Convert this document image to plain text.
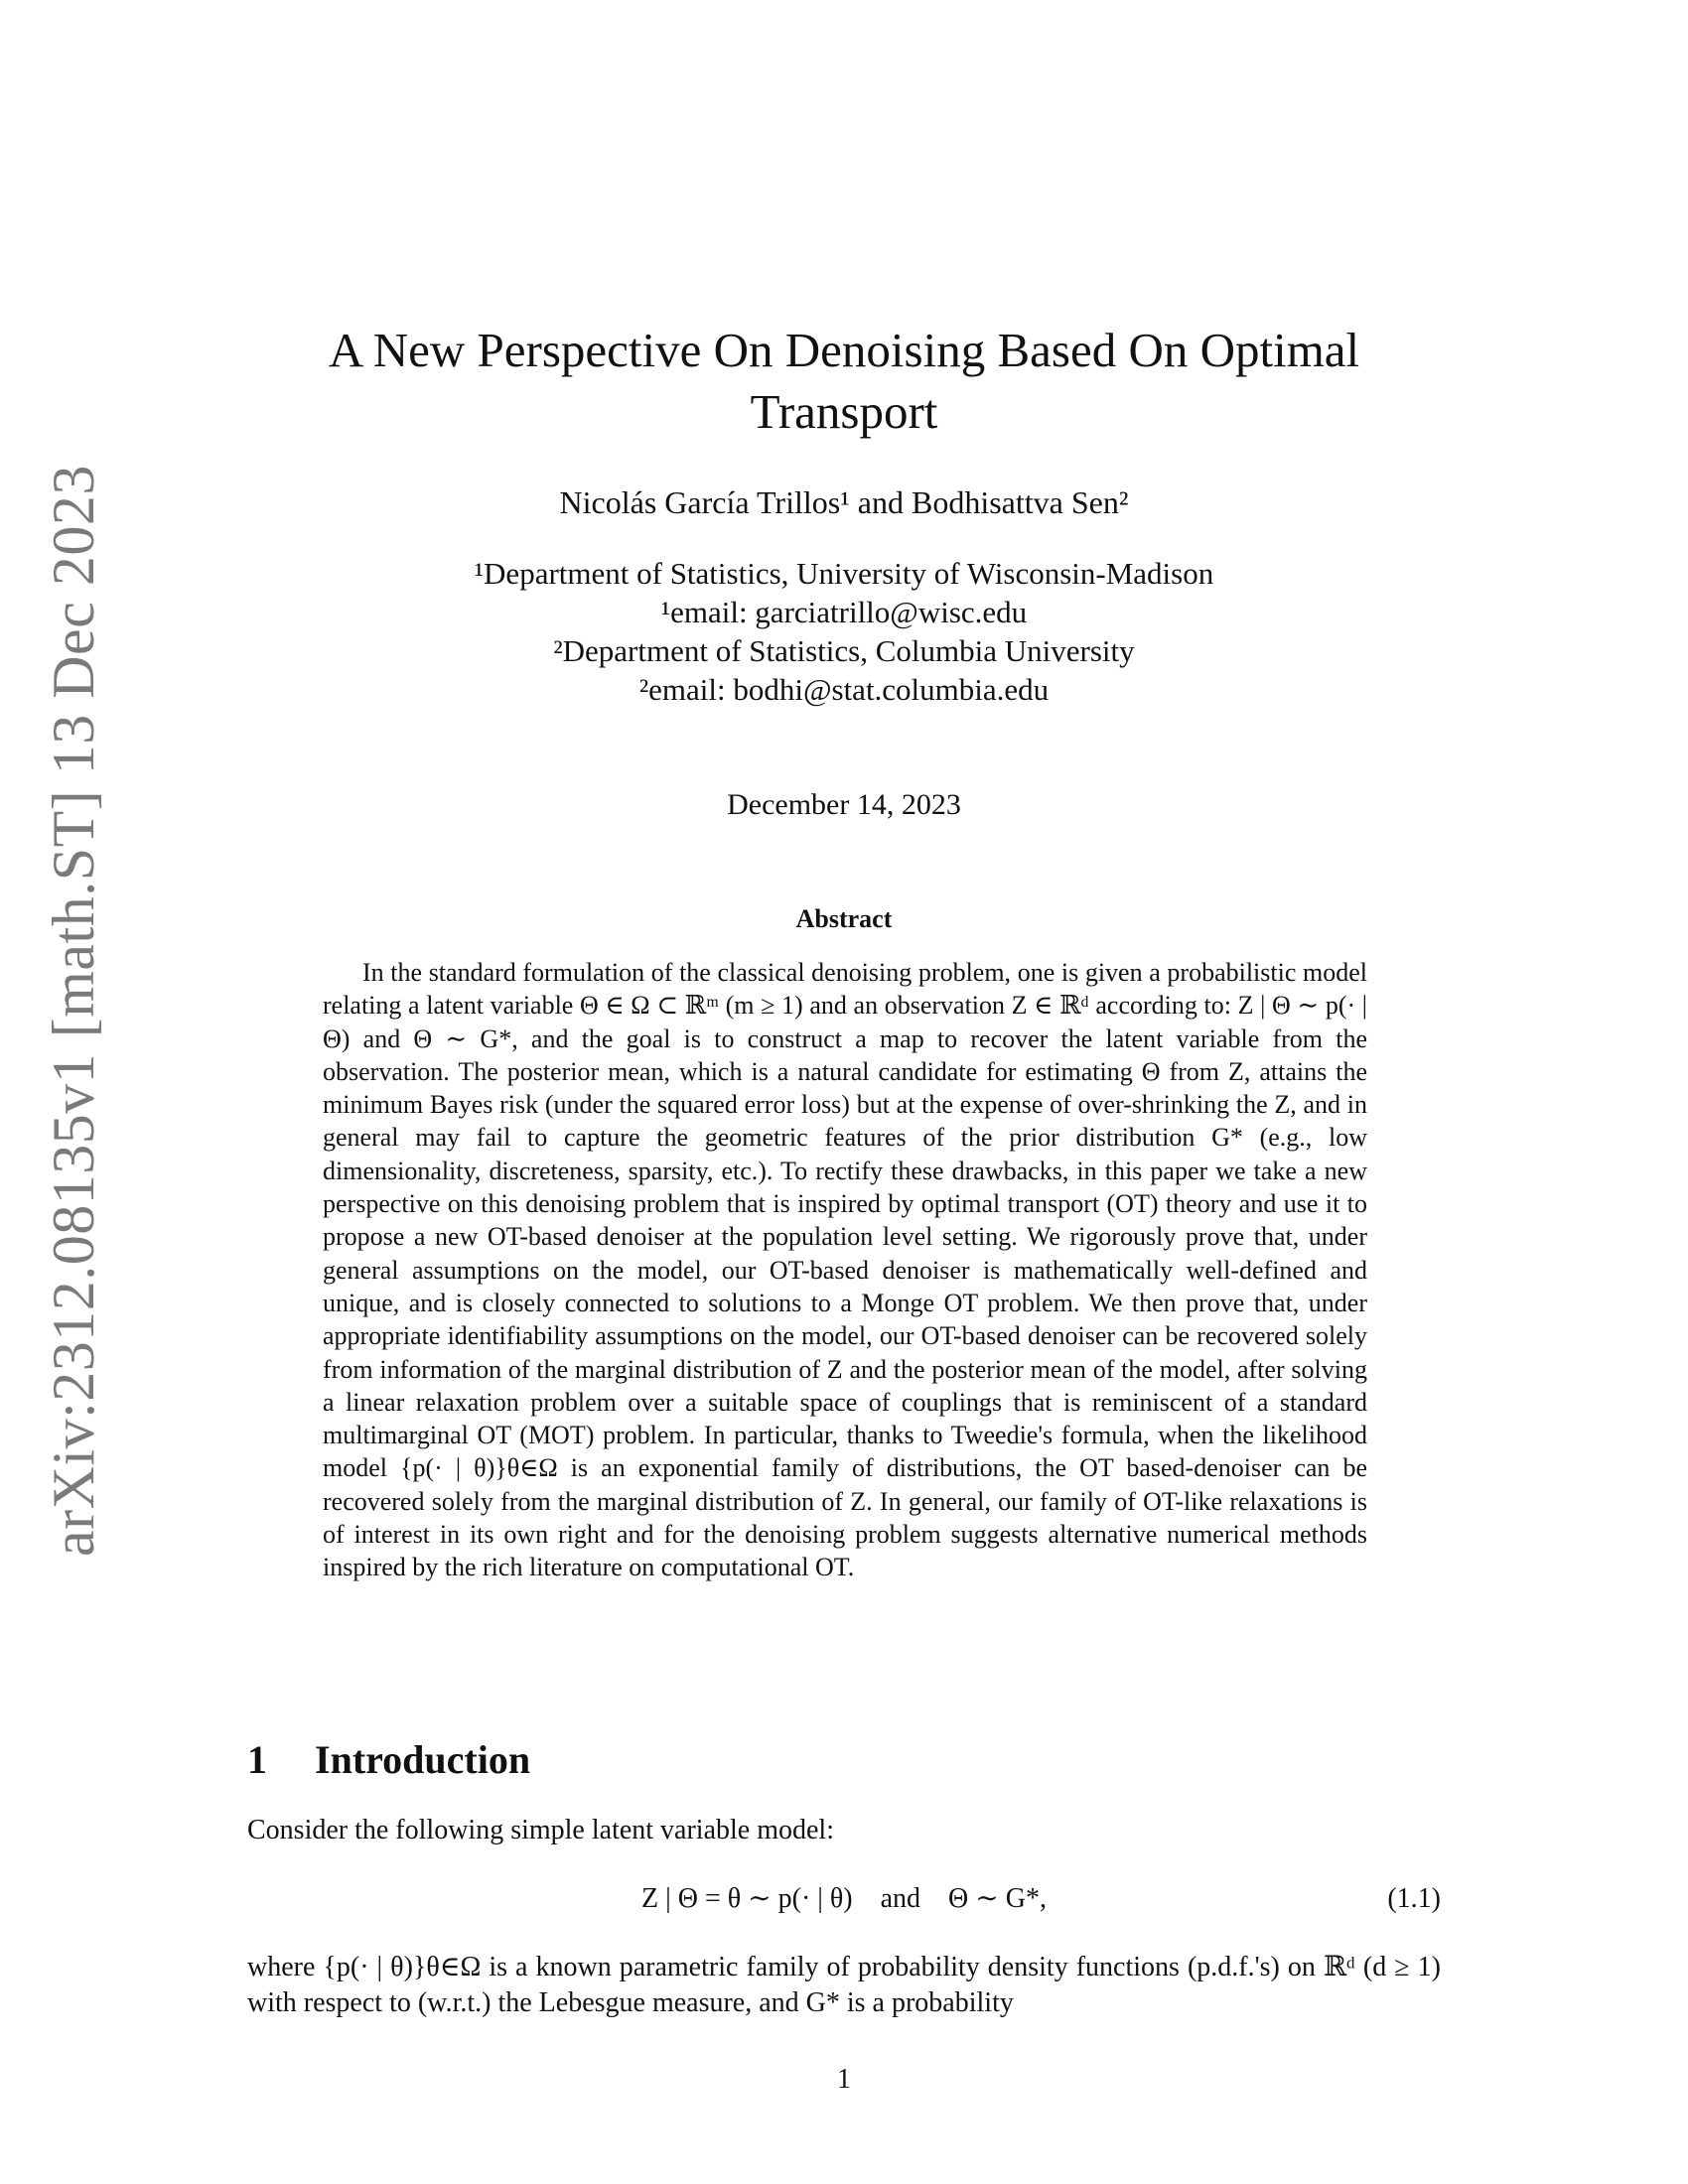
arXiv:2312.08135v1 [math.ST] 13 Dec 2023
A New Perspective On Denoising Based On Optimal Transport
Nicolás García Trillos¹ and Bodhisattva Sen²
¹Department of Statistics, University of Wisconsin-Madison
¹email: garciatrillo@wisc.edu
²Department of Statistics, Columbia University
²email: bodhi@stat.columbia.edu
December 14, 2023
Abstract
In the standard formulation of the classical denoising problem, one is given a probabilistic model relating a latent variable Θ ∈ Ω ⊂ ℝᵐ (m ≥ 1) and an observation Z ∈ ℝᵈ according to: Z | Θ ∼ p(· | Θ) and Θ ∼ G*, and the goal is to construct a map to recover the latent variable from the observation. The posterior mean, which is a natural candidate for estimating Θ from Z, attains the minimum Bayes risk (under the squared error loss) but at the expense of over-shrinking the Z, and in general may fail to capture the geometric features of the prior distribution G* (e.g., low dimensionality, discreteness, sparsity, etc.). To rectify these drawbacks, in this paper we take a new perspective on this denoising problem that is inspired by optimal transport (OT) theory and use it to propose a new OT-based denoiser at the population level setting. We rigorously prove that, under general assumptions on the model, our OT-based denoiser is mathematically well-defined and unique, and is closely connected to solutions to a Monge OT problem. We then prove that, under appropriate identifiability assumptions on the model, our OT-based denoiser can be recovered solely from information of the marginal distribution of Z and the posterior mean of the model, after solving a linear relaxation problem over a suitable space of couplings that is reminiscent of a standard multimarginal OT (MOT) problem. In particular, thanks to Tweedie's formula, when the likelihood model {p(· | θ)}θ∈Ω is an exponential family of distributions, the OT based-denoiser can be recovered solely from the marginal distribution of Z. In general, our family of OT-like relaxations is of interest in its own right and for the denoising problem suggests alternative numerical methods inspired by the rich literature on computational OT.
1 Introduction
Consider the following simple latent variable model:
Z | Θ = θ ∼ p(· | θ)    and    Θ ∼ G*,	(1.1)
where {p(· | θ)}θ∈Ω is a known parametric family of probability density functions (p.d.f.'s) on ℝᵈ (d ≥ 1) with respect to (w.r.t.) the Lebesgue measure, and G* is a probability
1
